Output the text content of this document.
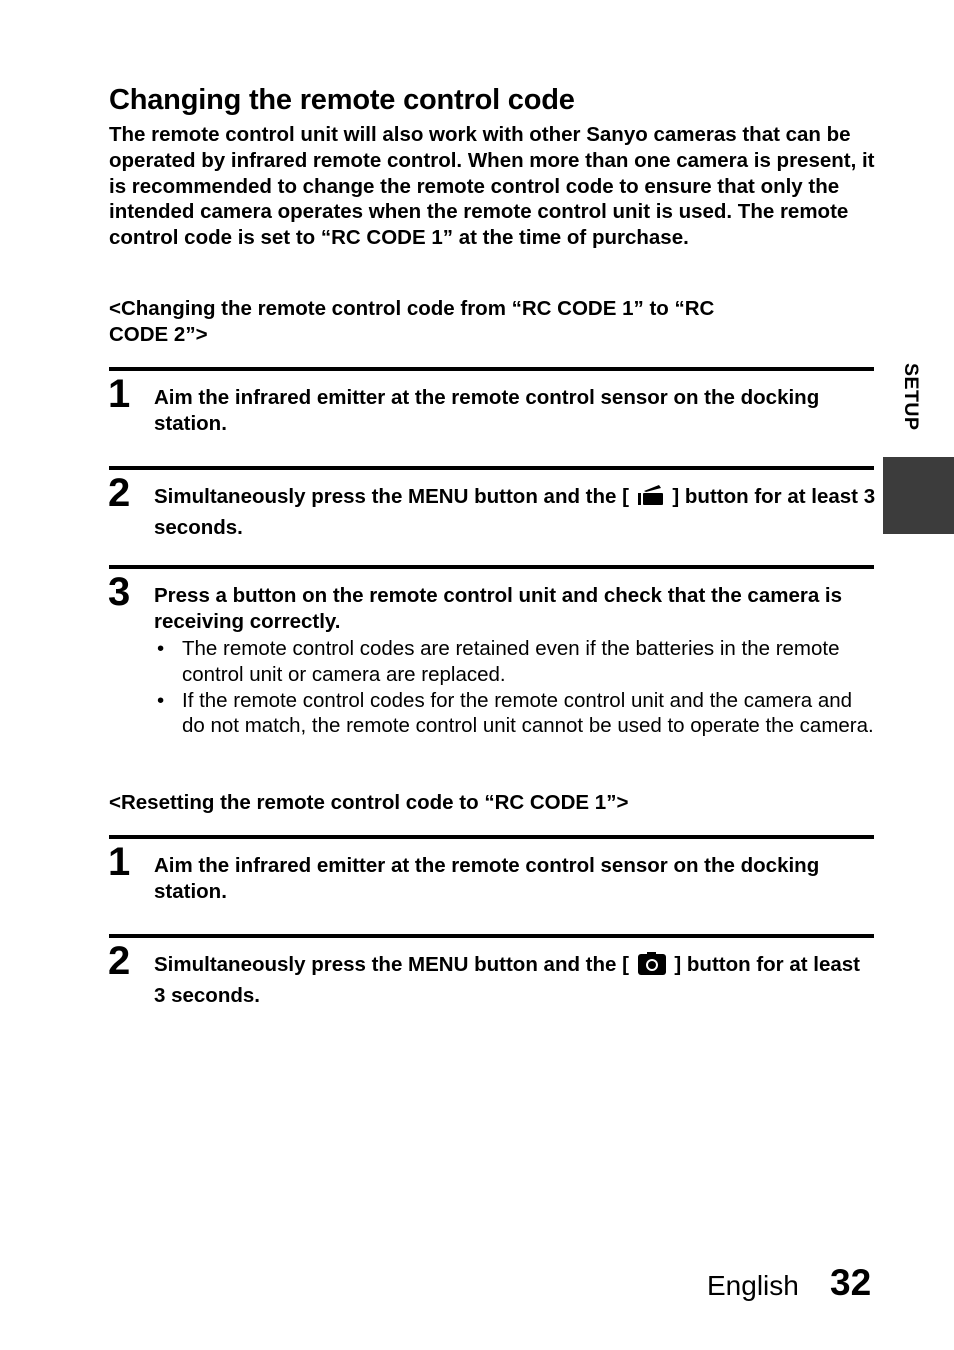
Changing the remote control code

The remote control unit will also work with other Sanyo cameras that can be operated by infrared remote control. When more than one camera is present, it is recommended to change the remote control code to ensure that only the intended camera operates when the remote control unit is used. The remote control code is set to “RC CODE 1” at the time of purchase.

<Changing the remote control code from “RC CODE 1” to “RC
CODE 2”>
1 Aim the infrared emitter at the remote control sensor on the docking station.
2 Simultaneously press the MENU button and the [ ] button for at least 3 seconds.
3 Press a button on the remote control unit and check that the camera is receiving correctly.
• The remote control codes are retained even if the batteries in the remote control unit or camera are replaced.
• If the remote control codes for the remote control unit and the camera and do not match, the remote control unit cannot be used to operate the camera.
<Resetting the remote control code to “RC CODE 1”>
1 Aim the infrared emitter at the remote control sensor on the docking station.
2 Simultaneously press the MENU button and the [ ] button for at least 3 seconds.
SETUP
English 32
